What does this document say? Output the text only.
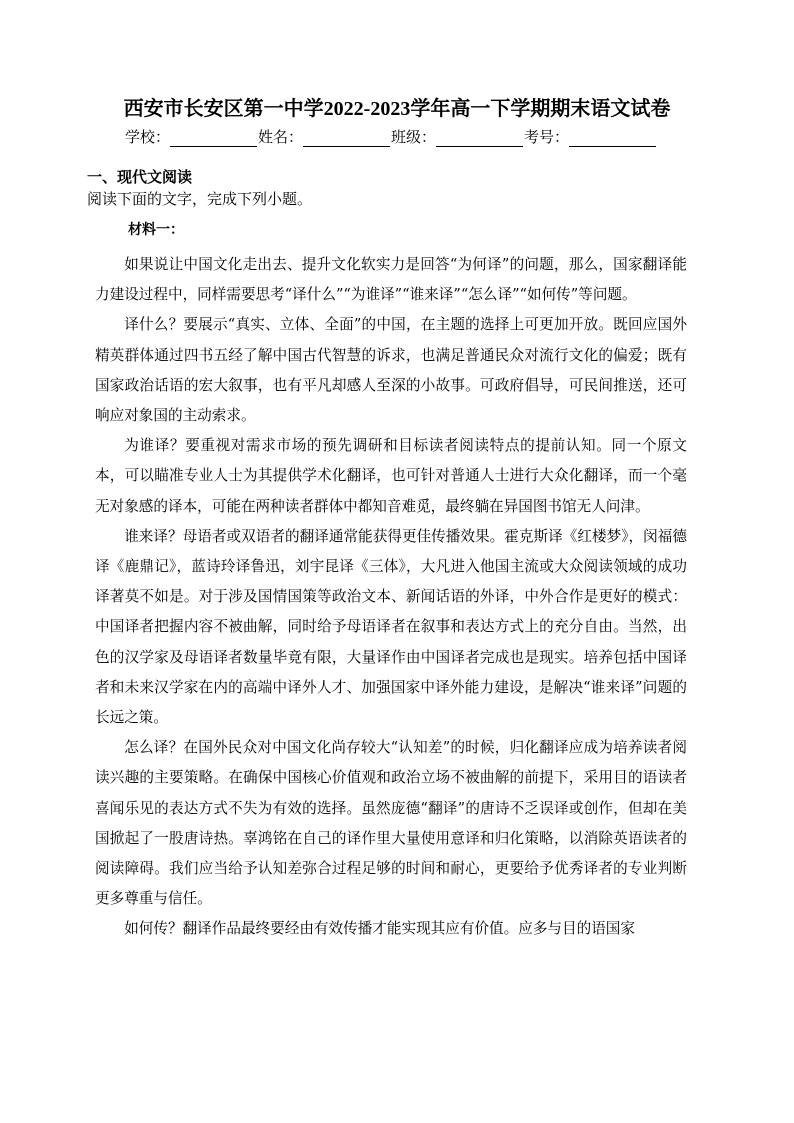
西安市长安区第一中学2022-2023学年高一下学期期末语文试卷
学校：	姓名：	班级：	考号：
一、现代文阅读
阅读下面的文字，完成下列小题。
材料一：

如果说让中国文化走出去、提升文化软实力是回答“为何译”的问题，那么，国家翻译能力建设过程中，同样需要思考“译什么”“为谁译”“谁来译”“怎么译”“如何传”等问题。

译什么？要展示“真实、立体、全面”的中国，在主题的选择上可更加开放。既回应国外精英群体通过四书五经了解中国古代智慧的诉求，也满足普通民众对流行文化的偏爱；既有国家政治话语的宏大叙事，也有平凡却感人至深的小故事。可政府倡导，可民间推送，还可响应对象国的主动索求。

为谁译？要重视对需求市场的预先调研和目标读者阅读特点的提前认知。同一个原文本，可以瞄准专业人士为其提供学术化翻译，也可针对普通人士进行大众化翻译，而一个毫无对象感的译本，可能在两种读者群体中都知音难觅，最终躺在异国图书馆无人问津。

谁来译？母语者或双语者的翻译通常能获得更佳传播效果。霍克斯译《红楼梦》，闵福德译《鹿鼎记》，蓝诗玲译鲁迅，刘宇昆译《三体》，大凡进入他国主流或大众阅读领域的成功译著莫不如是。对于涉及国情国策等政治文本、新闻话语的外译，中外合作是更好的模式：中国译者把握内容不被曲解，同时给予母语译者在叙事和表达方式上的充分自由。当然，出色的汉学家及母语译者数量毕竟有限，大量译作由中国译者完成也是现实。培养包括中国译者和未来汉学家在内的高端中译外人才、加强国家中译外能力建设，是解决“谁来译”问题的长远之策。

怎么译？在国外民众对中国文化尚存较大“认知差”的时候，归化翻译应成为培养读者阅读兴趣的主要策略。在确保中国核心价值观和政治立场不被曲解的前提下，采用目的语读者喜闻乐见的表达方式不失为有效的选择。虽然庞德“翻译”的唐诗不乏误译或创作，但却在美国掀起了一股唐诗热。辜鸿铭在自己的译作里大量使用意译和归化策略，以消除英语读者的阅读障碍。我们应当给予认知差弥合过程足够的时间和耐心，更要给予优秀译者的专业判断更多尊重与信任。

如何传？翻译作品最终要经由有效传播才能实现其应有价值。应多与目的语国家
